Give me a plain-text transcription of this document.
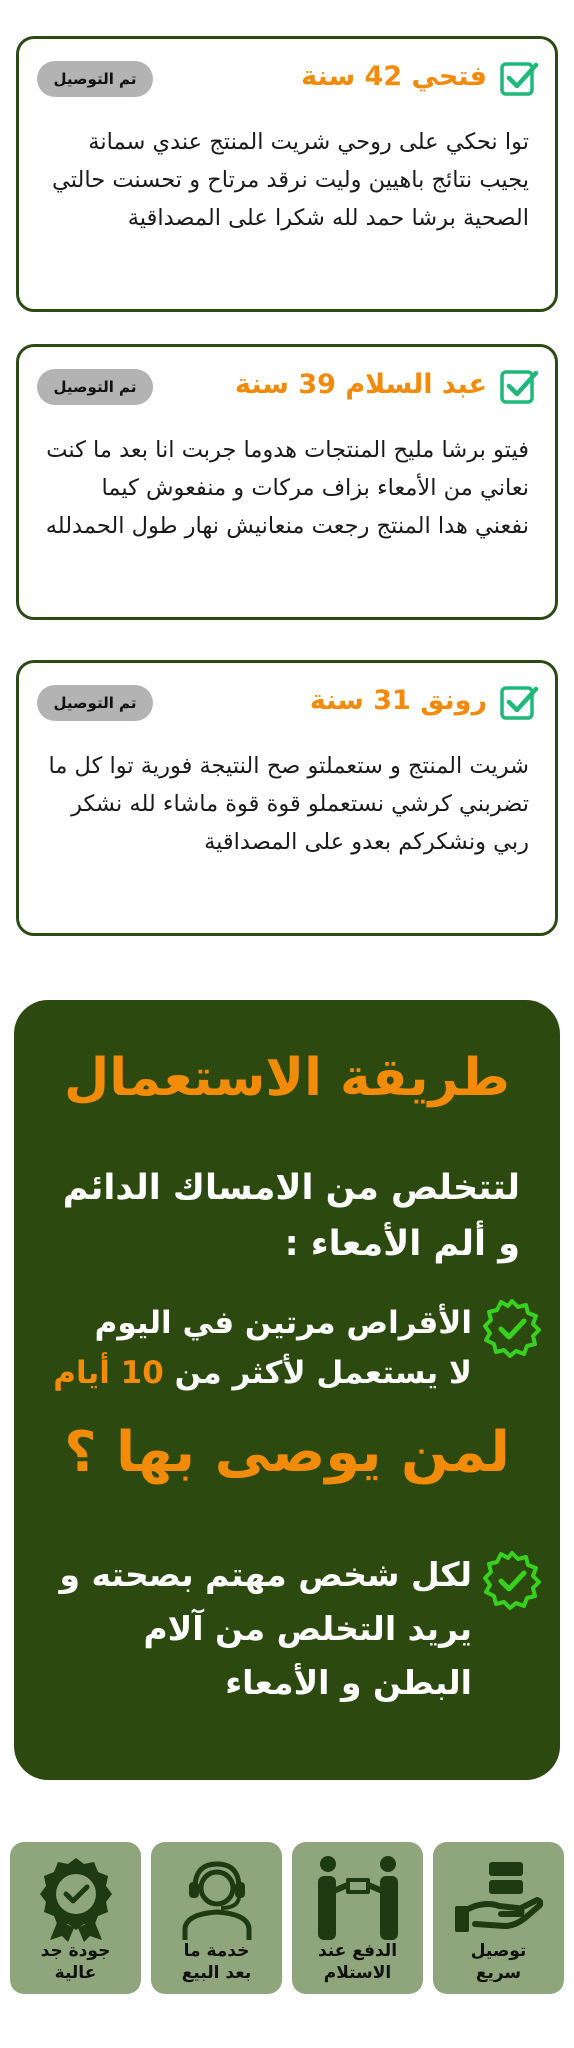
فتحي 42 سنة
تم التوصيل

توا نحكي على روحي شريت المنتج عندي سمانة يجيب نتائج باهيين وليت نرقد مرتاح و تحسنت حالتي الصحية برشا حمد لله شكرا على المصداقية

عبد السلام 39 سنة
تم التوصيل

فيتو برشا مليح المنتجات هدوما جربت انا بعد ما كنت نعاني من الأمعاء بزاف مركات و منفعوش كيما نفعني هدا المنتج رجعت منعانيش نهار طول الحمدلله

رونق 31 سنة
تم التوصيل

شريت المنتج و ستعملتو صح النتيجة فورية توا كل ما تضربني كرشي نستعملو قوة قوة ماشاء لله نشكر ربي ونشكركم بعدو على المصداقية

طريقة الاستعمال

لتتخلص من الامساك الدائم و ألم الأمعاء :

الأقراص مرتين في اليوم
لا يستعمل لأكثر من 10 أيام
لمن يوصى بها ؟

لكل شخص مهتم بصحته و يريد التخلص من آلام البطن و الأمعاء

توصيل
سريع
الدفع عند
الاستلام
خدمة ما
بعد البيع
جودة جد
عالية
